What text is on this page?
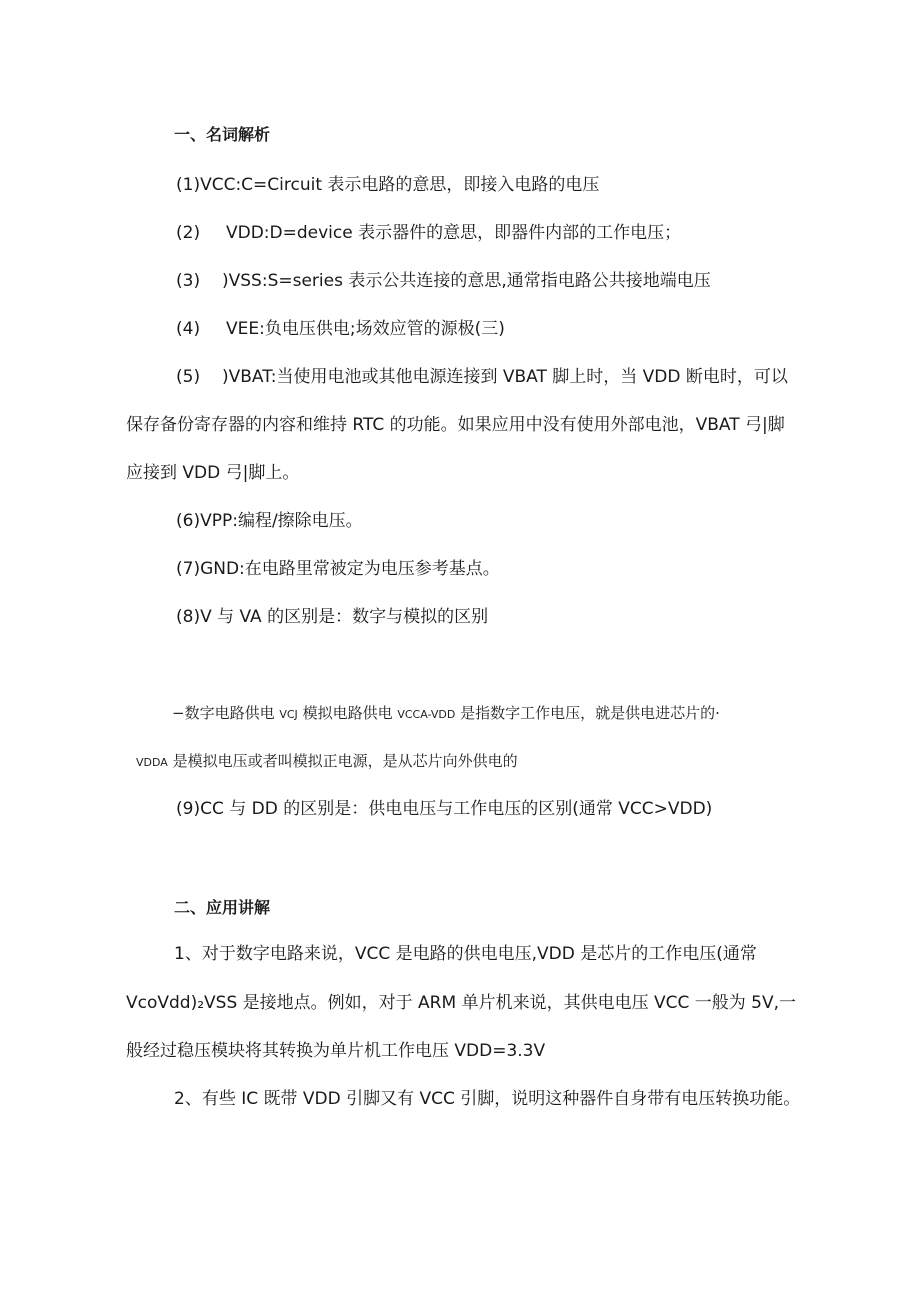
一、名词解析
(1)VCC:C=Circuit 表示电路的意思，即接入电路的电压
(2) VDD:D=device 表示器件的意思，即器件内部的工作电压；
(3) )VSS:S=series 表示公共连接的意思,通常指电路公共接地端电压
(4) VEE:负电压供电;场效应管的源极(三)
(5) )VBAT:当使用电池或其他电源连接到 VBAT 脚上时，当 VDD 断电时，可以
保存备份寄存器的内容和维持 RTC 的功能。如果应用中没有使用外部电池，VBAT 弓|脚
应接到 VDD 弓|脚上。
(6)VPP:编程/擦除电压。
(7)GND:在电路里常被定为电压参考基点。
(8)V 与 VA 的区别是：数字与模拟的区别
−数字电路供电 VCJ 模拟电路供电 VCCA-VDD 是指数字工作电压，就是供电进芯片的·
VDDA 是模拟电压或者叫模拟正电源，是从芯片向外供电的
(9)CC 与 DD 的区别是：供电电压与工作电压的区别(通常 VCC>VDD)
二、应用讲解
1、对于数字电路来说，VCC 是电路的供电电压,VDD 是芯片的工作电压(通常
VcoVdd)₂VSS 是接地点。例如，对于 ARM 单片机来说，其供电电压 VCC 一般为 5V,一
般经过稳压模块将其转换为单片机工作电压 VDD=3.3V
2、有些 IC 既带 VDD 引脚又有 VCC 引脚，说明这种器件自身带有电压转换功能。
